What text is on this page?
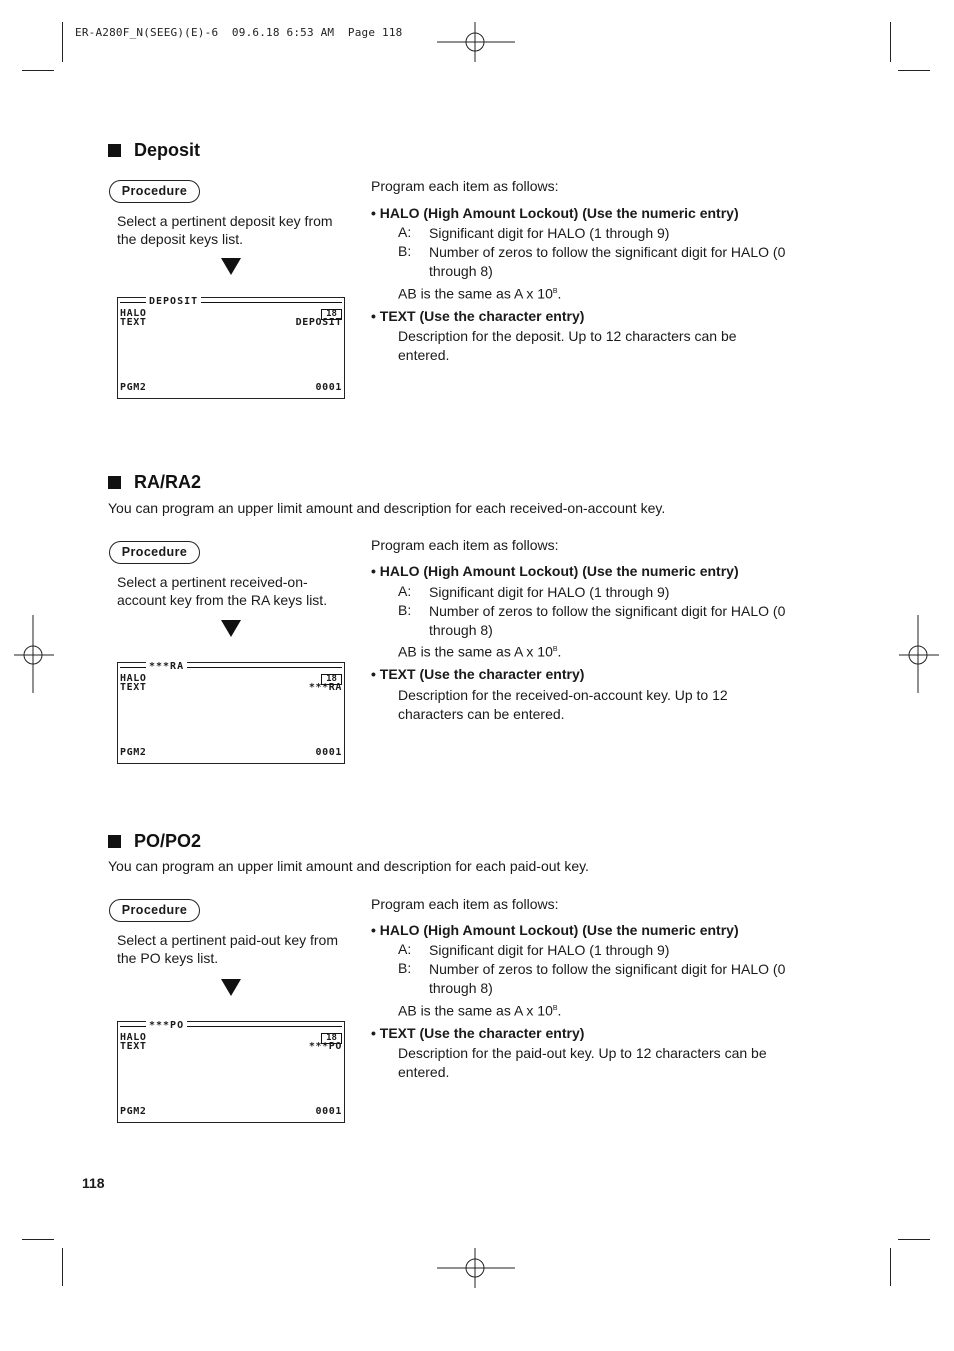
ER-A280F_N(SEEG)(E)-6  09.6.18 6:53 AM  Page 118
Deposit
Procedure
Select a pertinent deposit key from the deposit keys list.
DEPOSIT
HALO	18
TEXT	DEPOSIT
PGM2	0001

Program each item as follows:

• HALO (High Amount Lockout) (Use the numeric entry)

A: Significant digit for HALO (1 through 9)
B: Number of zeros to follow the significant digit for HALO (0 through 8)

AB is the same as A x $10^B$.

• TEXT (Use the character entry)

Description for the deposit. Up to 12 characters can be entered.

RA/RA2
You can program an upper limit amount and description for each received-on-account key.
Procedure
Select a pertinent received-on-account key from the RA keys list.
***RA
HALO	18
TEXT	***RA
PGM2	0001

Program each item as follows:

• HALO (High Amount Lockout) (Use the numeric entry)

A: Significant digit for HALO (1 through 9)
B: Number of zeros to follow the significant digit for HALO (0 through 8)

AB is the same as A x $10^B$.

• TEXT (Use the character entry)

Description for the received-on-account key. Up to 12 characters can be entered.

PO/PO2
You can program an upper limit amount and description for each paid-out key.
Procedure
Select a pertinent paid-out key from the PO keys list.
***PO
HALO	18
TEXT	***PO
PGM2	0001

Program each item as follows:

• HALO (High Amount Lockout) (Use the numeric entry)

A: Significant digit for HALO (1 through 9)
B: Number of zeros to follow the significant digit for HALO (0 through 8)

AB is the same as A x $10^B$.

• TEXT (Use the character entry)

Description for the paid-out key. Up to 12 characters can be entered.

118
